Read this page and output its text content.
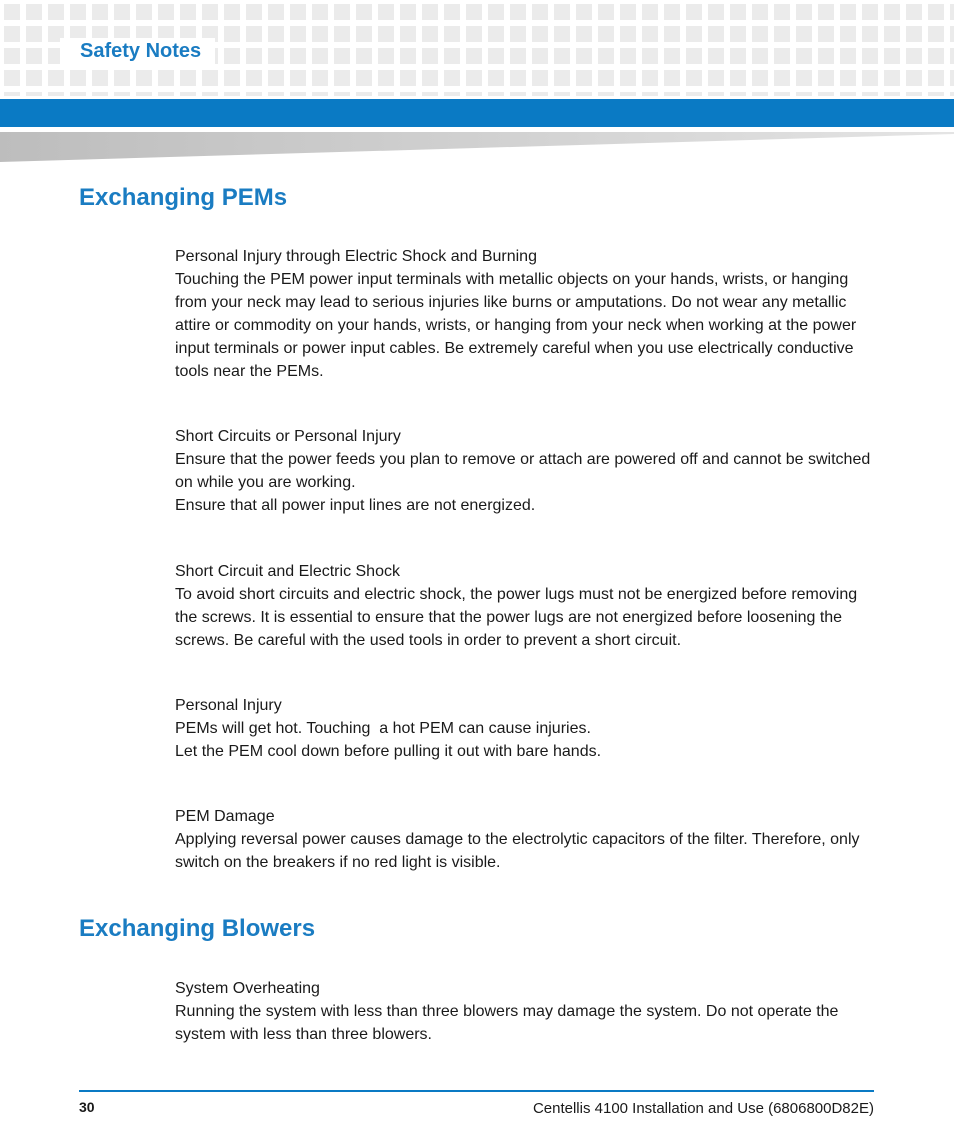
Safety Notes
Exchanging PEMs

Personal Injury through Electric Shock and Burning

Touching the PEM power input terminals with metallic objects on your hands, wrists, or hanging from your neck may lead to serious injuries like burns or amputations. Do not wear any metallic attire or commodity on your hands, wrists, or hanging from your neck when working at the power input terminals or power input cables. Be extremely careful when you use electrically conductive tools near the PEMs.

Short Circuits or Personal Injury

Ensure that the power feeds you plan to remove or attach are powered off and cannot be switched on while you are working.

Ensure that all power input lines are not energized.

Short Circuit and Electric Shock

To avoid short circuits and electric shock, the power lugs must not be energized before removing the screws. It is essential to ensure that the power lugs are not energized before loosening the screws. Be careful with the used tools in order to prevent a short circuit.

Personal Injury

PEMs will get hot. Touching  a hot PEM can cause injuries.

Let the PEM cool down before pulling it out with bare hands.

PEM Damage

Applying reversal power causes damage to the electrolytic capacitors of the filter. Therefore, only switch on the breakers if no red light is visible.

Exchanging Blowers

System Overheating

Running the system with less than three blowers may damage the system. Do not operate the system with less than three blowers.

30	Centellis 4100 Installation and Use (6806800D82E)
